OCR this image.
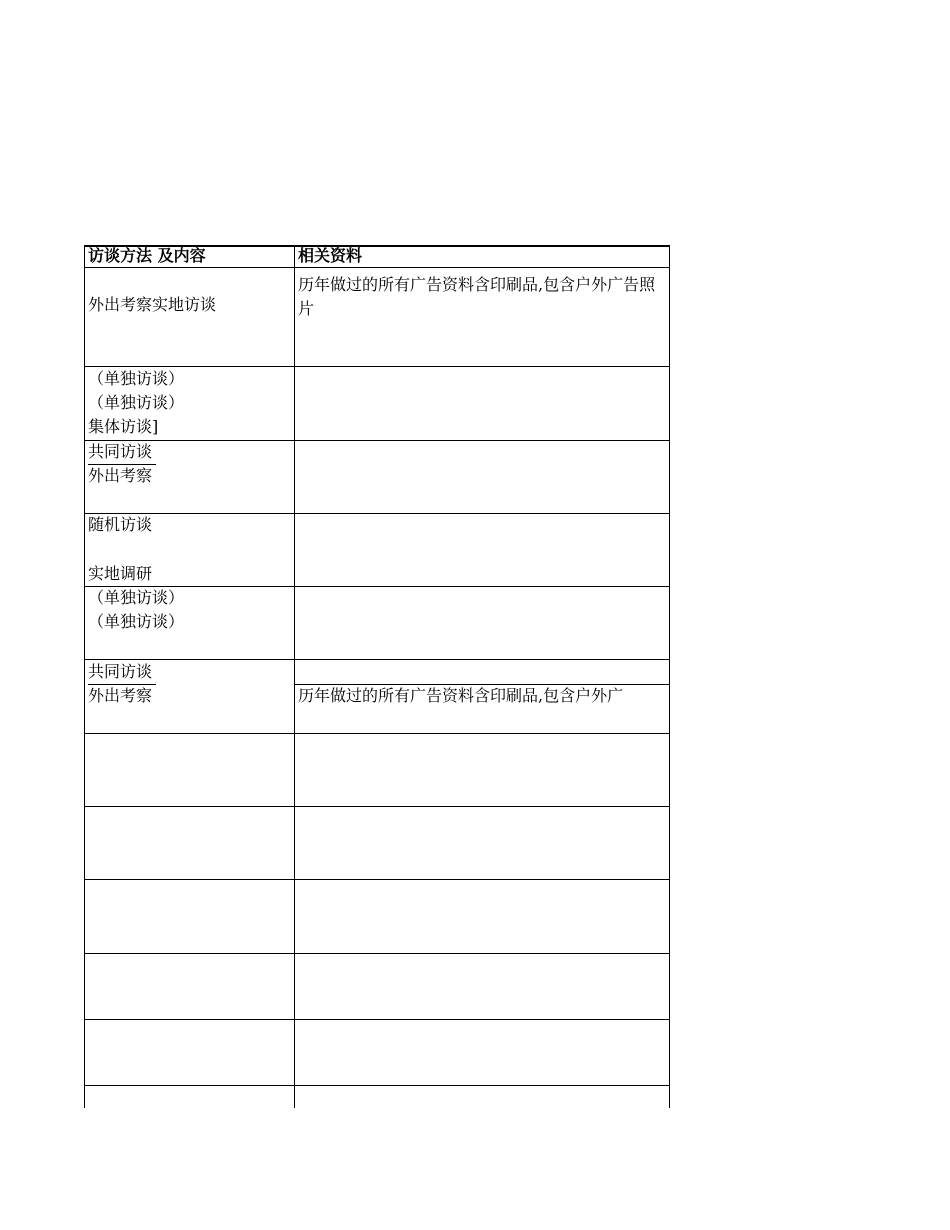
访谈方法 及内容	相关资料
外出考察实地访谈
历年做过的所有广告资料含印刷品,包含户外广告照片
（单独访谈）
（单独访谈）
集体访谈]
共同访谈
外出考察
随机访谈
实地调研
（单独访谈）
（单独访谈）
共同访谈
外出考察	历年做过的所有广告资料含印刷品,包含户外广
